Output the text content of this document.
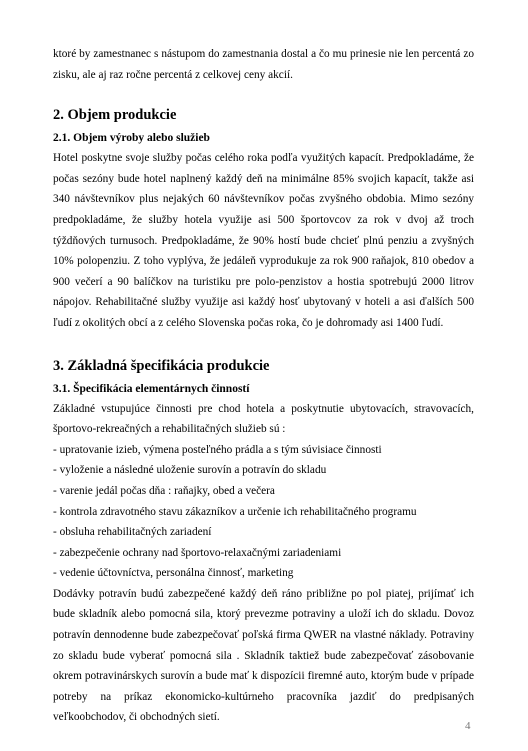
ktoré by zamestnanec s nástupom do zamestnania dostal a čo mu prinesie nie len percentá zo zisku, ale aj raz ročne percentá z celkovej ceny akcií.

2. Objem produkcie
2.1. Objem výroby alebo služieb

Hotel poskytne svoje služby počas celého roka podľa využitých kapacít. Predpokladáme, že počas sezóny bude hotel naplnený každý deň na minimálne 85% svojich kapacít, takže asi 340 návštevníkov plus nejakých 60 návštevníkov počas zvyšného obdobia. Mimo sezóny predpokladáme, že služby hotela využije asi 500 športovcov za rok v dvoj až troch týždňových turnusoch. Predpokladáme, že 90% hostí bude chcieť plnú penziu a zvyšných 10% polopenziu. Z toho vyplýva, že jedáleň vyprodukuje za rok 900 raňajok, 810 obedov a 900 večerí a 90 balíčkov na turistiku pre polo-penzistov a hostia spotrebujú 2000 litrov nápojov. Rehabilitačné služby využije asi každý hosť ubytovaný v hoteli a asi ďalších 500 ľudí z okolitých obcí a z celého Slovenska počas roka, čo je dohromady asi 1400 ľudí.

3. Základná špecifikácia produkcie
3.1. Špecifikácia elementárnych činností

Základné vstupujúce činnosti pre chod hotela a poskytnutie ubytovacích, stravovacích, športovo-rekreačných a rehabilitačných služieb sú :

- upratovanie izieb, výmena posteľného prádla a s tým súvisiace činnosti
- vyloženie a následné uloženie surovín a potravín do skladu
- varenie jedál počas dňa : raňajky, obed a večera
- kontrola zdravotného stavu zákazníkov a určenie ich rehabilitačného programu
- obsluha rehabilitačných zariadení
- zabezpečenie ochrany nad športovo-relaxačnými zariadeniami
- vedenie účtovníctva, personálna činnosť, marketing

Dodávky potravín budú zabezpečené každý deň ráno približne po pol piatej, prijímať ich bude skladník alebo pomocná sila, ktorý prevezme potraviny a uloží ich do skladu. Dovoz potravín dennodenne bude zabezpečovať poľská firma QWER na vlastné náklady. Potraviny zo skladu bude vyberať pomocná sila . Skladník taktiež bude zabezpečovať zásobovanie okrem potravinárskych surovín a bude mať k dispozícii firemné auto, ktorým bude v prípade potreby na príkaz ekonomicko-kultúrneho pracovníka jazdiť do predpisaných veľkoobchodov, či obchodných sietí.

4
